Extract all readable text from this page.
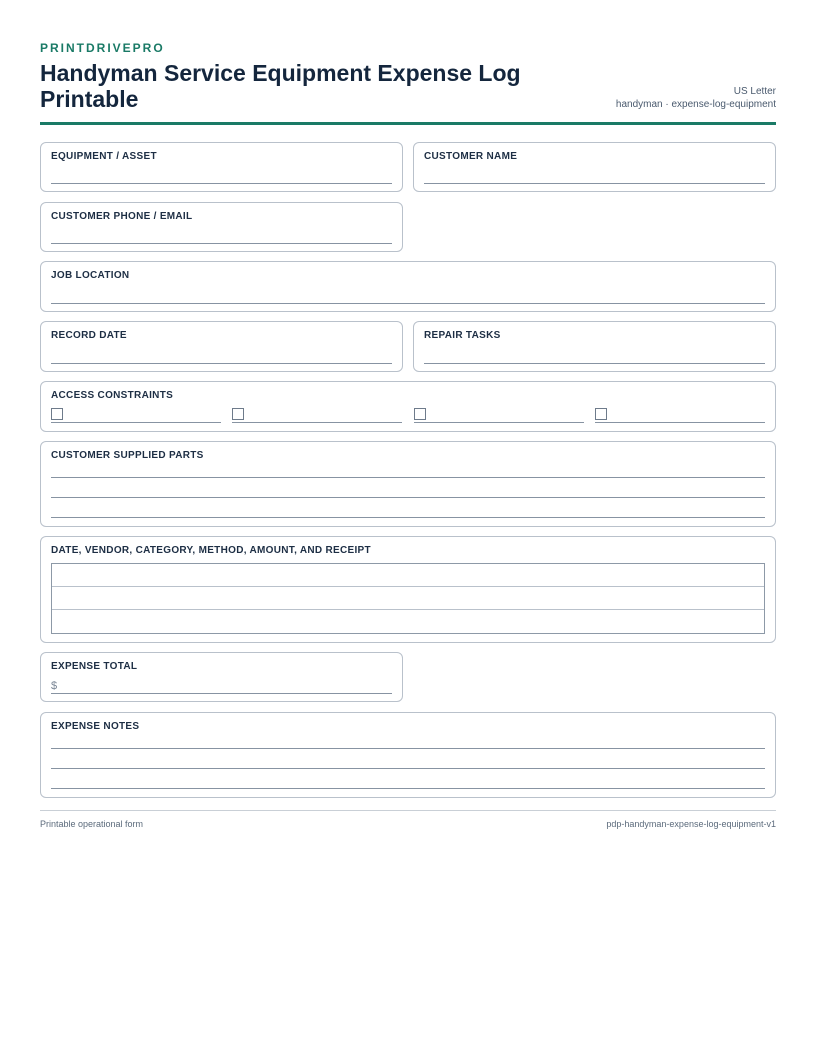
PRINTDRIVEPRO
Handyman Service Equipment Expense Log Printable	US Letter
handyman · expense-log-equipment
EQUIPMENT / ASSET	CUSTOMER NAME
CUSTOMER PHONE / EMAIL
JOB LOCATION
RECORD DATE	REPAIR TASKS
ACCESS CONSTRAINTS
CUSTOMER SUPPLIED PARTS
DATE, VENDOR, CATEGORY, METHOD, AMOUNT, AND RECEIPT
EXPENSE TOTAL
$
EXPENSE NOTES
Printable operational form	pdp-handyman-expense-log-equipment-v1
